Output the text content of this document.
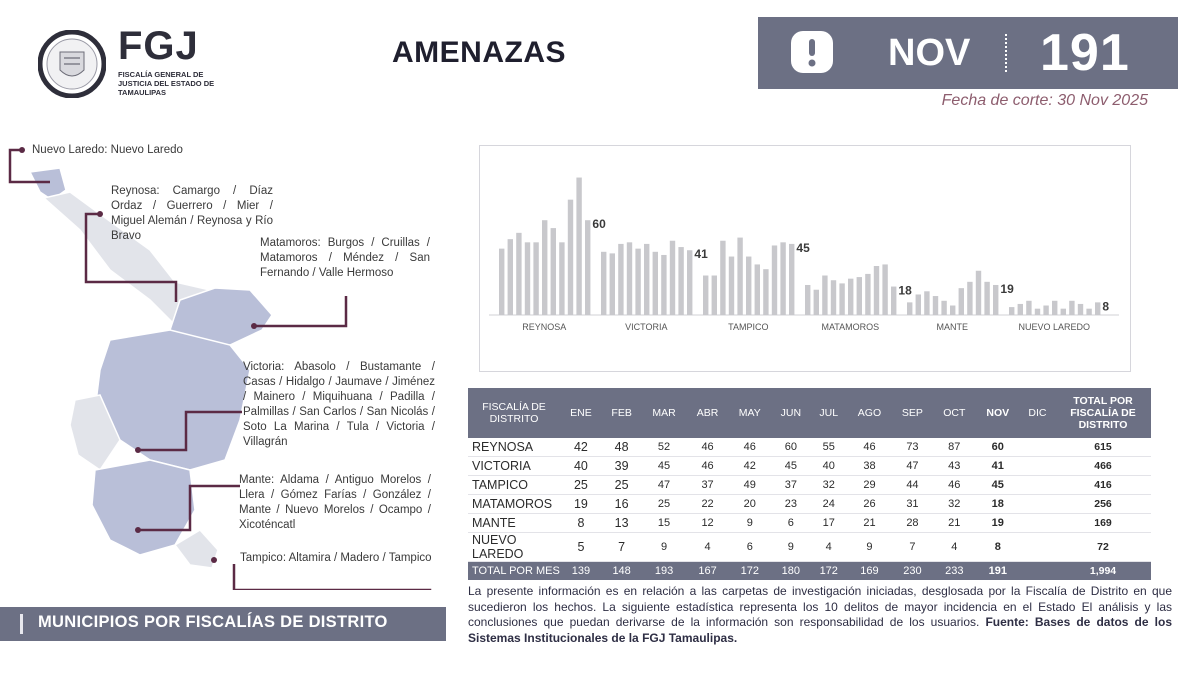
FGJ
FISCALÍA GENERAL DE JUSTICIA DEL ESTADO DE TAMAULIPAS
AMENAZAS	NOV 191
Fecha de corte: 30 Nov 2025
Nuevo Laredo: Nuevo Laredo
Reynosa: Camargo / Díaz Ordaz / Guerrero / Mier / Miguel Alemán / Reynosa y Río Bravo
Matamoros: Burgos / Cruillas / Matamoros / Méndez / San Fernando / Valle Hermoso
Victoria: Abasolo / Bustamante / Casas / Hidalgo / Jaumave / Jiménez / Mainero / Miquihuana / Padilla / Palmillas / San Carlos / San Nicolás / Soto La Marina / Tula / Victoria / Villagrán
Mante: Aldama / Antiguo Morelos / Llera / Gómez Farías / González / Mante / Nuevo Morelos / Ocampo / Xicoténcatl
Tampico: Altamira / Madero / Tampico
MUNICIPIOS POR FISCALÍAS DE DISTRITO
60
REYNOSA
41
VICTORIA
45
TAMPICO
18
MATAMOROS
19
MANTE
8
NUEVO LAREDO
FISCALÍA DE DISTRITO	ENE	FEB	MAR	ABR	MAY	JUN	JUL	AGO	SEP	OCT	NOV	DIC	TOTAL POR FISCALÍA DE DISTRITO
REYNOSA	42	48	52	46	46	60	55	46	73	87	60		615
VICTORIA	40	39	45	46	42	45	40	38	47	43	41		466
TAMPICO	25	25	47	37	49	37	32	29	44	46	45		416
MATAMOROS	19	16	25	22	20	23	24	26	31	32	18		256
MANTE	8	13	15	12	9	6	17	21	28	21	19		169
NUEVO LAREDO	5	7	9	4	6	9	4	9	7	4	8		72
TOTAL POR MES	139	148	193	167	172	180	172	169	230	233	191		1,994
La presente información es en relación a las carpetas de investigación iniciadas, desglosada por la Fiscalía de Distrito en que sucedieron los hechos. La siguiente estadística representa los 10 delitos de mayor incidencia en el Estado El análisis y las conclusiones que puedan derivarse de la información son responsabilidad de los usuarios. Fuente: Bases de datos de los Sistemas Institucionales de la FGJ Tamaulipas.
